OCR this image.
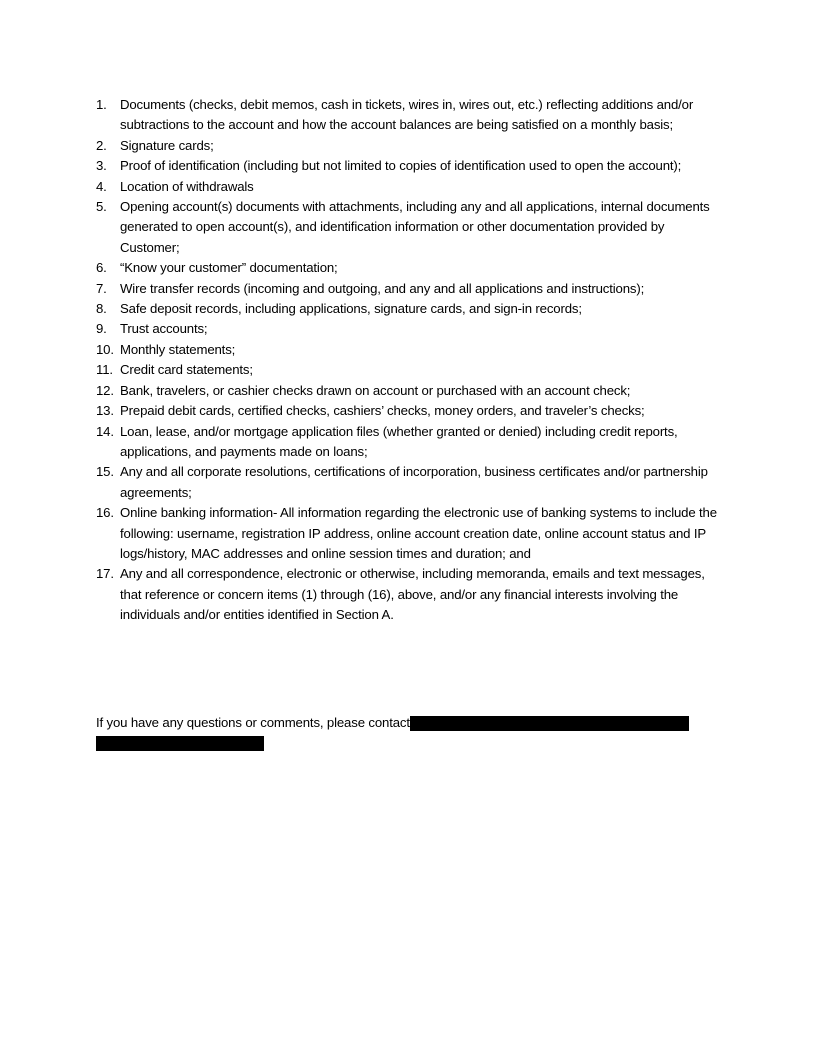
1.	Documents (checks, debit memos, cash in tickets, wires in, wires out, etc.) reflecting additions and/or subtractions to the account and how the account balances are being satisfied on a monthly basis;
2.	Signature cards;
3.	Proof of identification (including but not limited to copies of identification used to open the account);
4.	Location of withdrawals
5.	Opening account(s) documents with attachments, including any and all applications, internal documents generated to open account(s), and identification information or other documentation provided by Customer;
6.	“Know your customer” documentation;
7.	Wire transfer records (incoming and outgoing, and any and all applications and instructions);
8.	Safe deposit records, including applications, signature cards, and sign-in records;
9.	Trust accounts;
10. Monthly statements;
11. Credit card statements;
12. Bank, travelers, or cashier checks drawn on account or purchased with an account check;
13. Prepaid debit cards, certified checks, cashiers’ checks, money orders, and traveler’s checks;
14. Loan, lease, and/or mortgage application files (whether granted or denied) including credit reports, applications, and payments made on loans;
15. Any and all corporate resolutions, certifications of incorporation, business certificates and/or partnership agreements;
16. Online banking information- All information regarding the electronic use of banking systems to include the following: username, registration IP address, online account creation date, online account status and IP logs/history, MAC addresses and online session times and duration; and
17. Any and all correspondence, electronic or otherwise, including memoranda, emails and text messages, that reference or concern items (1) through (16), above, and/or any financial interests involving the individuals and/or entities identified in Section A.
If you have any questions or comments, please contact
